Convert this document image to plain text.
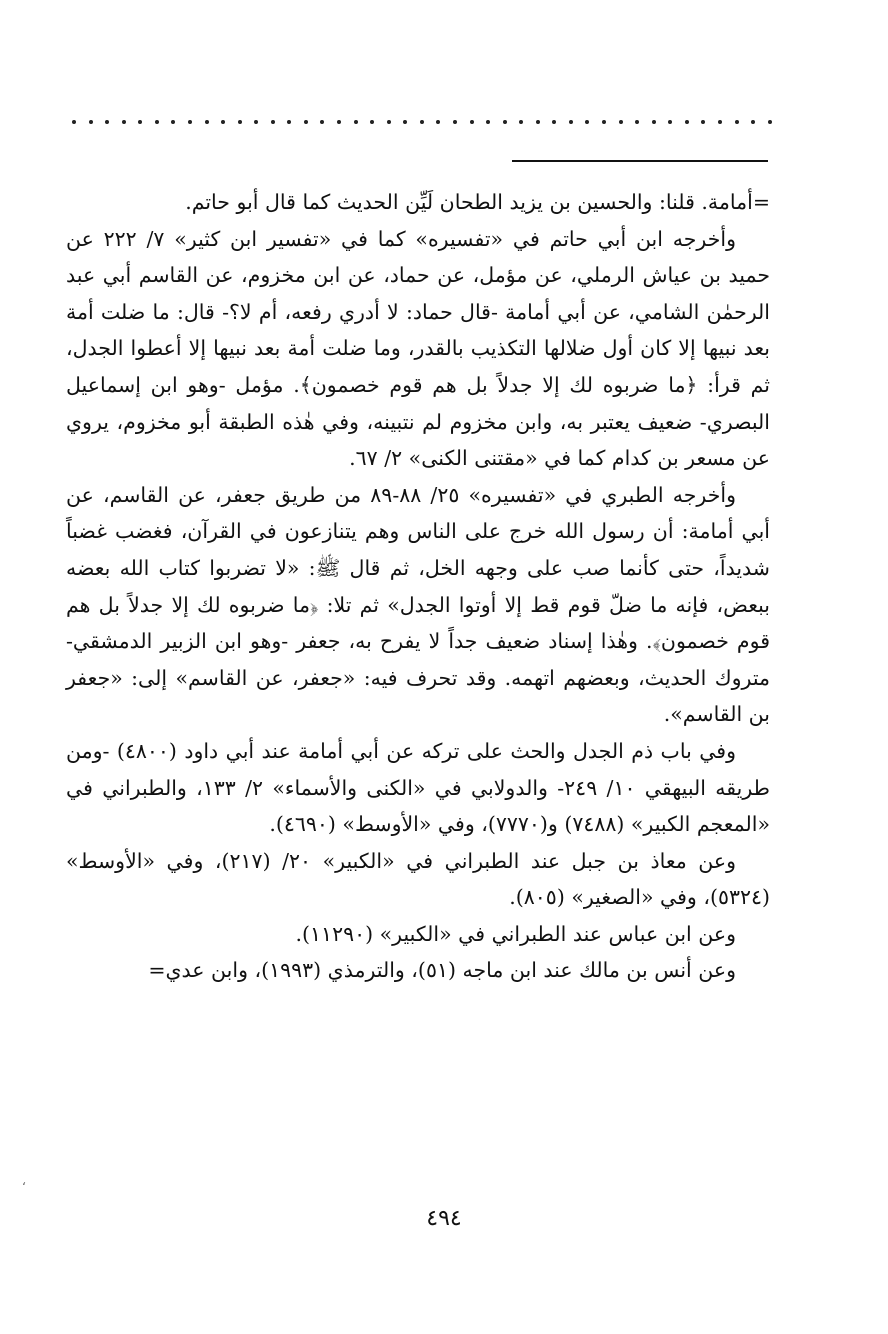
=أمامة. قلنا: والحسين بن يزيد الطحان لَيِّن الحديث كما قال أبو حاتم.

وأخرجه ابن أبي حاتم في «تفسيره» كما في «تفسير ابن كثير» ٧/ ٢٢٢ عن حميد بن عياش الرملي، عن مؤمل، عن حماد، عن ابن مخزوم، عن القاسم أبي عبد الرحمٰن الشامي، عن أبي أمامة -قال حماد: لا أدري رفعه، أم لا؟- قال: ما ضلت أمة بعد نبيها إلا كان أول ضلالها التكذيب بالقدر، وما ضلت أمة بعد نبيها إلا أعطوا الجدل، ثم قرأ: ﴿ما ضربوه لك إلا جدلاً بل هم قوم خصمون﴾. مؤمل -وهو ابن إسماعيل البصري- ضعيف يعتبر به، وابن مخزوم لم نتبينه، وفي هٰذه الطبقة أبو مخزوم، يروي عن مسعر بن كدام كما في «مقتنى الكنى» ٢/ ٦٧.

وأخرجه الطبري في «تفسيره» ٢٥/ ٨٨-٨٩ من طريق جعفر، عن القاسم، عن أبي أمامة: أن رسول الله خرج على الناس وهم يتنازعون في القرآن، فغضب غضباً شديداً، حتى كأنما صب على وجهه الخل، ثم قال ﷺ: «لا تضربوا كتاب الله بعضه ببعض، فإنه ما ضلّ قوم قط إلا أوتوا الجدل» ثم تلا: ﴿ما ضربوه لك إلا جدلاً بل هم قوم خصمون﴾. وهٰذا إسناد ضعيف جداً لا يفرح به، جعفر -وهو ابن الزبير الدمشقي- متروك الحديث، وبعضهم اتهمه. وقد تحرف فيه: «جعفر، عن القاسم» إلى: «جعفر بن القاسم».

وفي باب ذم الجدل والحث على تركه عن أبي أمامة عند أبي داود (٤٨٠٠) -ومن طريقه البيهقي ١٠/ ٢٤٩- والدولابي في «الكنى والأسماء» ٢/ ١٣٣، والطبراني في «المعجم الكبير» (٧٤٨٨) و(٧٧٧٠)، وفي «الأوسط» (٤٦٩٠).

وعن معاذ بن جبل عند الطبراني في «الكبير» ٢٠/ (٢١٧)، وفي «الأوسط» (٥٣٢٤)، وفي «الصغير» (٨٠٥).

وعن ابن عباس عند الطبراني في «الكبير» (١١٢٩٠).

وعن أنس بن مالك عند ابن ماجه (٥١)، والترمذي (١٩٩٣)، وابن عدي=

٤٩٤
‘
